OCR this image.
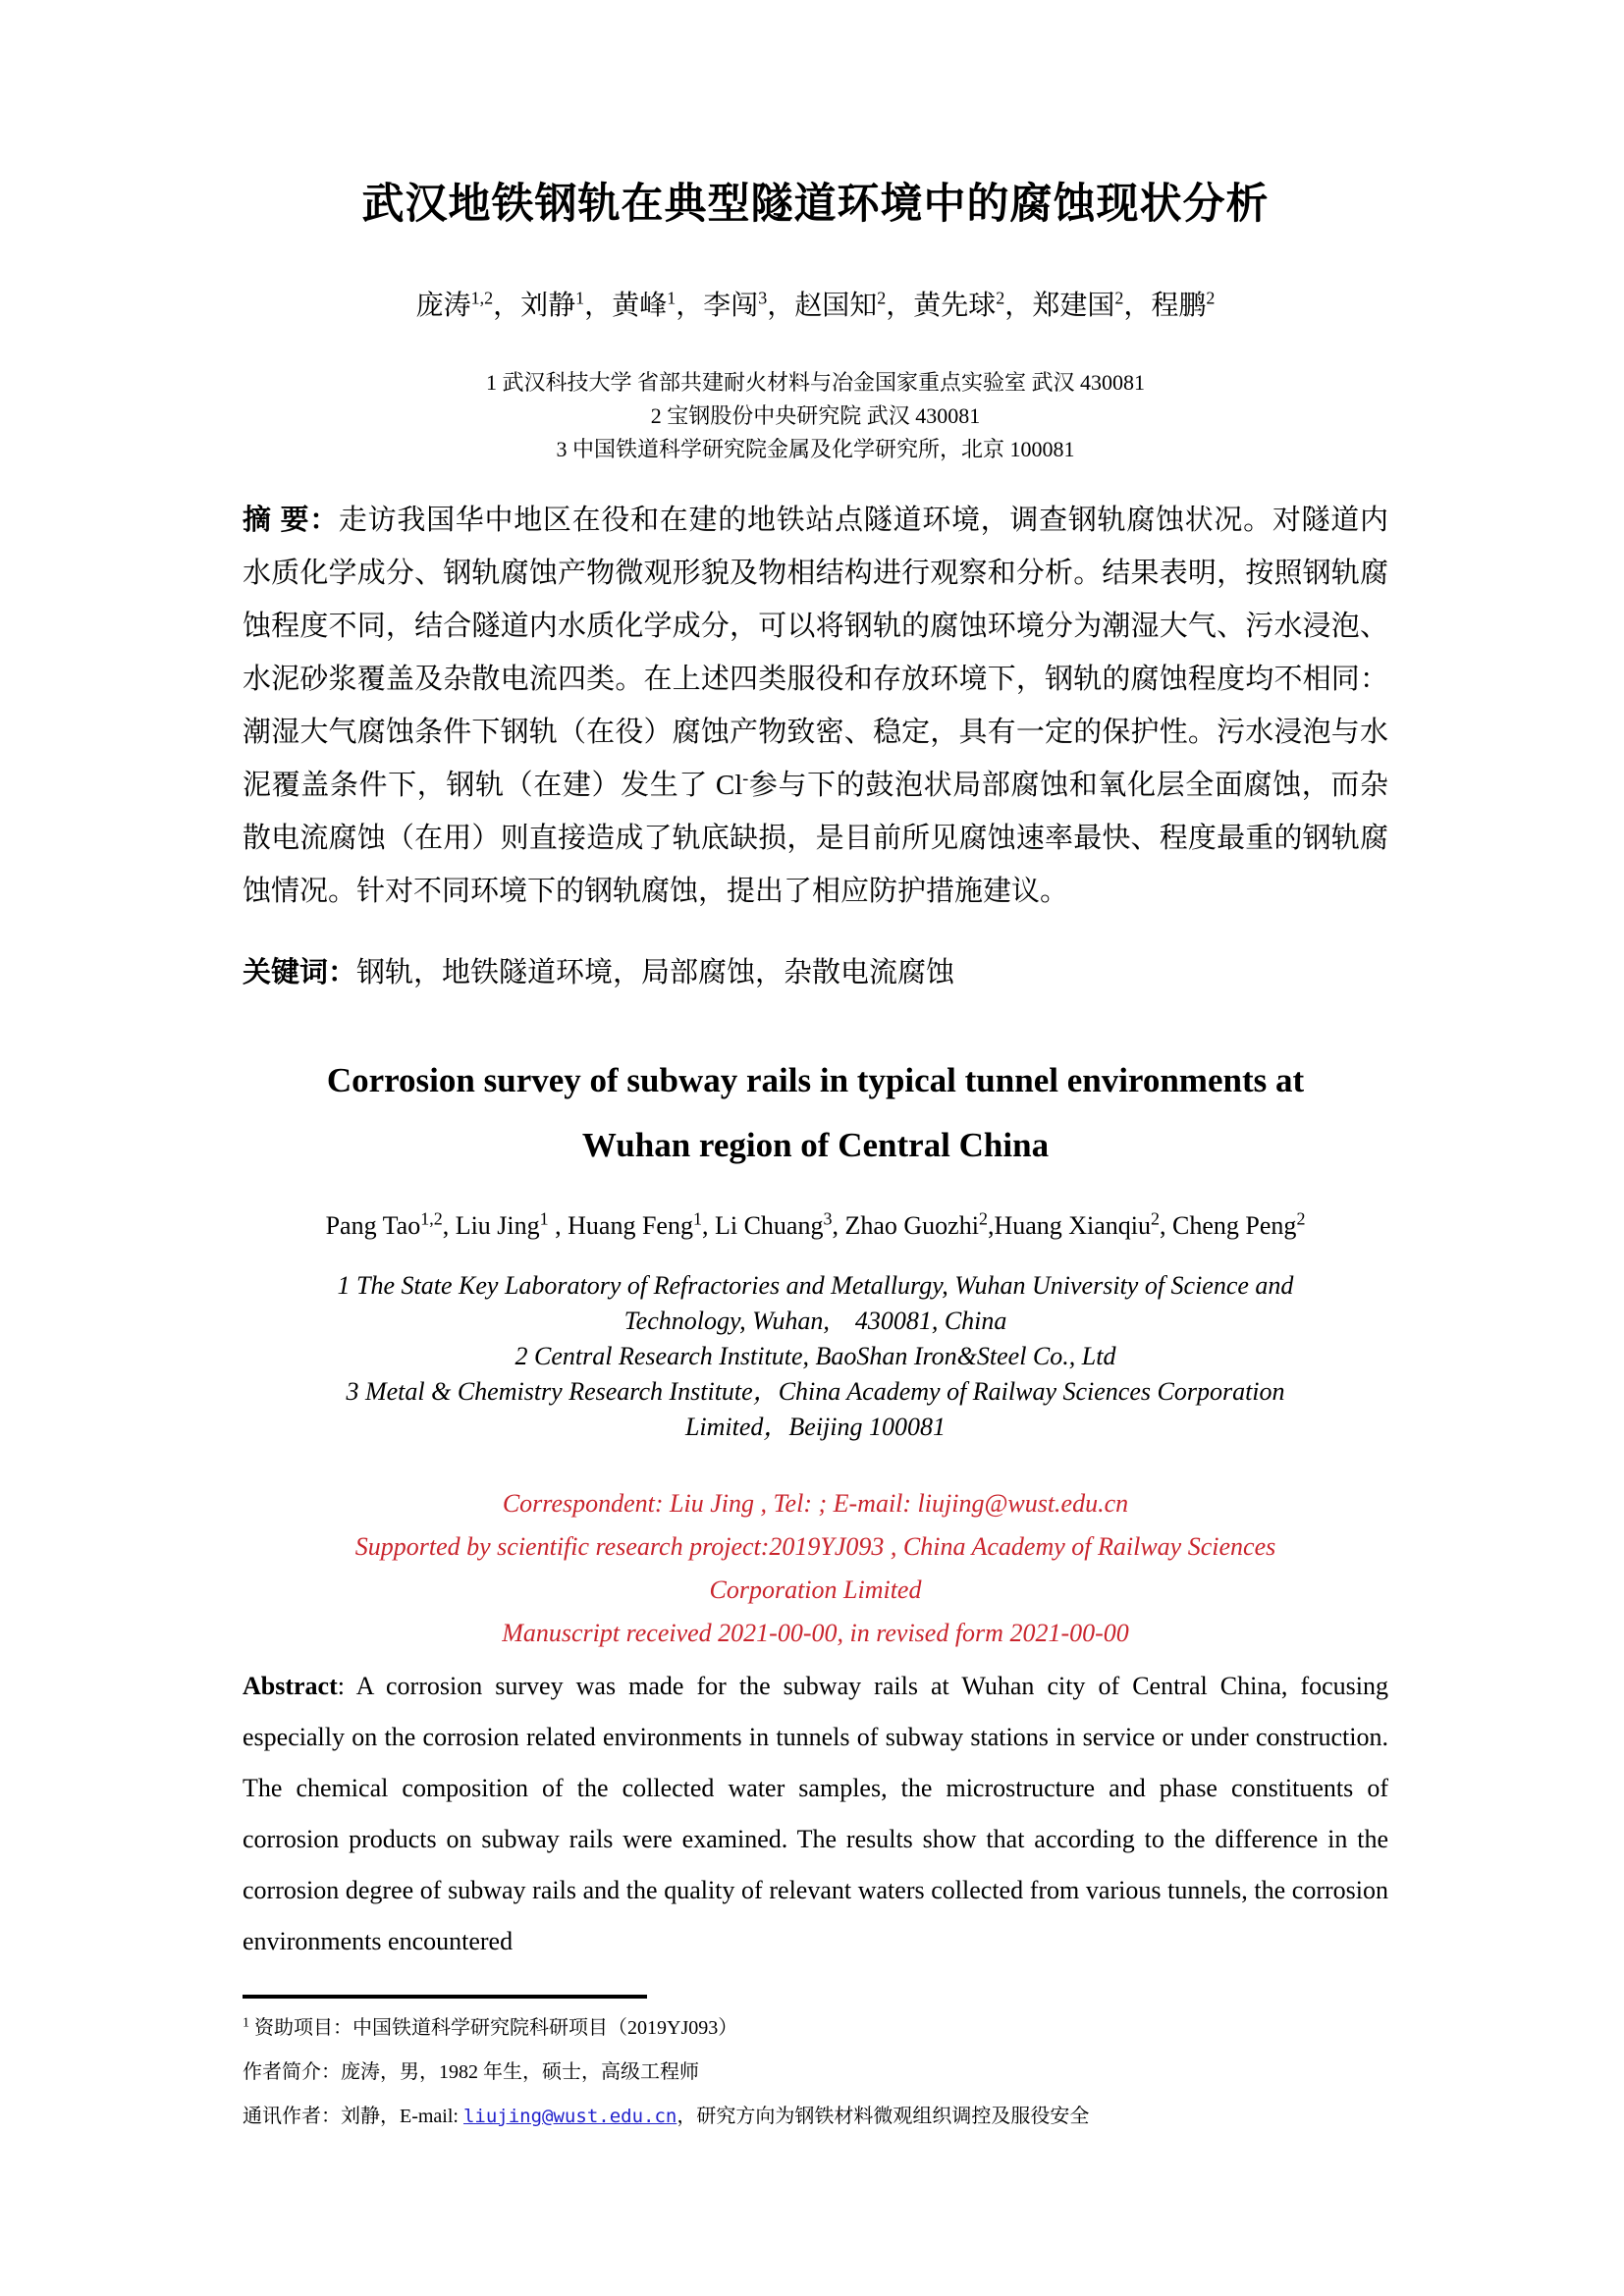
武汉地铁钢轨在典型隧道环境中的腐蚀现状分析
庞涛$^{1,2}$，刘静$^1$，黄峰$^1$，李闯$^3$，赵国知$^2$，黄先球$^2$，郑建国$^2$，程鹏$^2$
1 武汉科技大学 省部共建耐火材料与冶金国家重点实验室 武汉 430081
2 宝钢股份中央研究院 武汉 430081
3 中国铁道科学研究院金属及化学研究所，北京 100081

摘 要：走访我国华中地区在役和在建的地铁站点隧道环境，调查钢轨腐蚀状况。对隧道内水质化学成分、钢轨腐蚀产物微观形貌及物相结构进行观察和分析。结果表明，按照钢轨腐蚀程度不同，结合隧道内水质化学成分，可以将钢轨的腐蚀环境分为潮湿大气、污水浸泡、水泥砂浆覆盖及杂散电流四类。在上述四类服役和存放环境下，钢轨的腐蚀程度均不相同：潮湿大气腐蚀条件下钢轨（在役）腐蚀产物致密、稳定，具有一定的保护性。污水浸泡与水泥覆盖条件下，钢轨（在建）发生了 Cl-参与下的鼓泡状局部腐蚀和氧化层全面腐蚀，而杂散电流腐蚀（在用）则直接造成了轨底缺损，是目前所见腐蚀速率最快、程度最重的钢轨腐蚀情况。针对不同环境下的钢轨腐蚀，提出了相应防护措施建议。

关键词：钢轨，地铁隧道环境，局部腐蚀，杂散电流腐蚀

Corrosion survey of subway rails in typical tunnel environments at
Wuhan region of Central China
Pang Tao$^{1,2}$, Liu Jing$^1$ , Huang Feng$^1$, Li Chuang$^3$, Zhao Guozhi$^2$,Huang Xianqiu$^2$, Cheng Peng$^2$
1 The State Key Laboratory of Refractories and Metallurgy, Wuhan University of Science and
Technology, Wuhan,    430081, China
2 Central Research Institute, BaoShan Iron&Steel Co., Ltd
3 Metal & Chemistry Research Institute，China Academy of Railway Sciences Corporation
Limited，Beijing 100081
Correspondent: Liu Jing , Tel: ; E-mail: liujing@wust.edu.cn
Supported by scientific research project:2019YJ093 , China Academy of Railway Sciences
Corporation Limited
Manuscript received 2021-00-00, in revised form 2021-00-00

Abstract: A corrosion survey was made for the subway rails at Wuhan city of Central China, focusing especially on the corrosion related environments in tunnels of subway stations in service or under construction. The chemical composition of the collected water samples, the microstructure and phase constituents of corrosion products on subway rails were examined. The results show that according to the difference in the corrosion degree of subway rails and the quality of relevant waters collected from various tunnels, the corrosion environments encountered

$^1$ 资助项目：中国铁道科学研究院科研项目（2019YJ093）
作者简介：庞涛，男，1982 年生，硕士，高级工程师
通讯作者：刘静，E-mail: liujing@wust.edu.cn，研究方向为钢铁材料微观组织调控及服役安全
